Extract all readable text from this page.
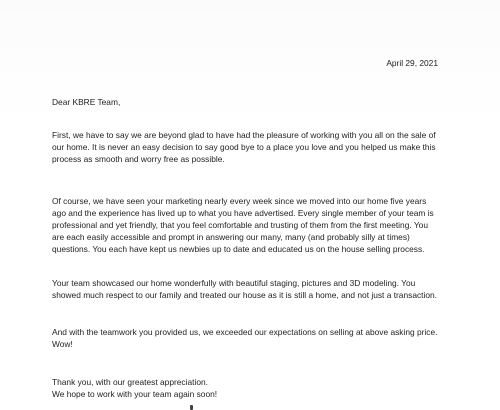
April 29, 2021
Dear KBRE Team,

First, we have to say we are beyond glad to have had the pleasure of working with you all on the sale of
our home. It is never an easy decision to say good bye to a place you love and you helped us make this
process as smooth and worry free as possible.

Of course, we have seen your marketing nearly every week since we moved into our home five years
ago and the experience has lived up to what you have advertised. Every single member of your team is
professional and yet friendly, that you feel comfortable and trusting of them from the first meeting. You
are each easily accessible and prompt in answering our many, many (and probably silly at times)
questions. You each have kept us newbies up to date and educated us on the house selling process.

Your team showcased our home wonderfully with beautiful staging, pictures and 3D modeling. You
showed much respect to our family and treated our house as it is still a home, and not just a transaction.

And with the teamwork you provided us, we exceeded our expectations on selling at above asking price.
Wow!

Thank you, with our greatest appreciation.
We hope to work with your team again soon!
